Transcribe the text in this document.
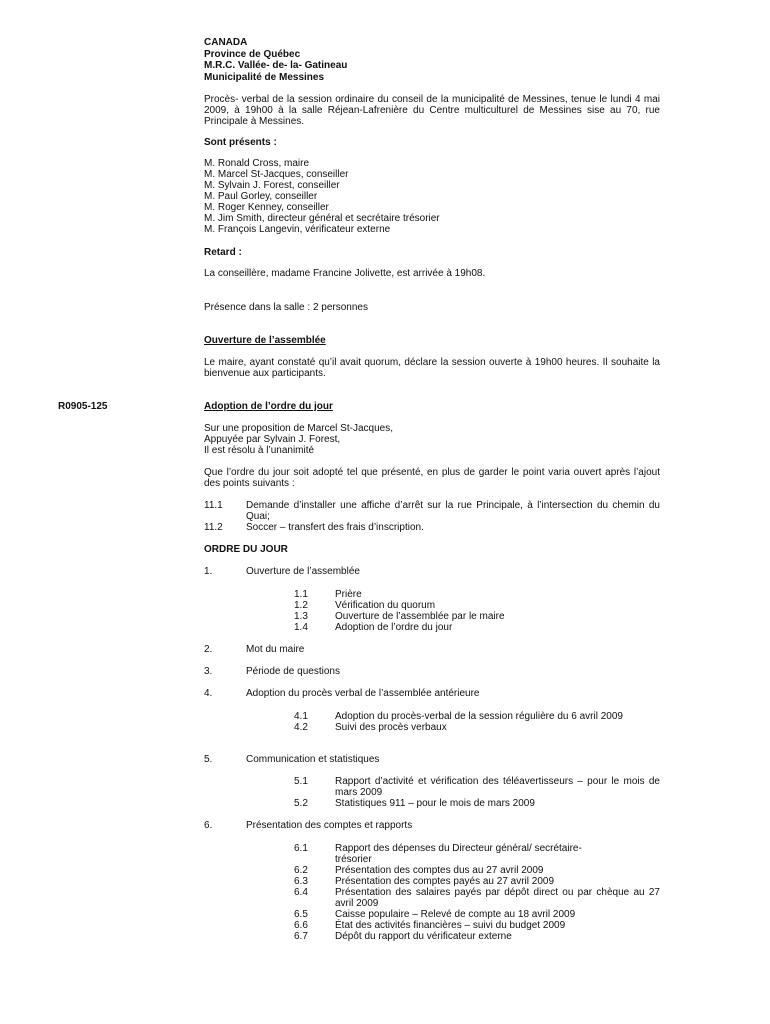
CANADA
Province de Québec
M.R.C. Vallée- de- la- Gatineau
Municipalité de Messines
Procès- verbal de la session ordinaire du conseil de la municipalité de Messines, tenue le lundi 4 mai 2009, à 19h00 à la salle Réjean-Lafrenière du Centre multiculturel de Messines sise au 70, rue Principale à Messines.
Sont présents :
M. Ronald Cross, maire
M. Marcel St-Jacques, conseiller
M. Sylvain J. Forest, conseiller
M. Paul Gorley, conseiller
M. Roger Kenney, conseiller
M. Jim Smith, directeur général et secrétaire trésorier
M. François Langevin, vérificateur externe
Retard :
La conseillère, madame Francine Jolivette, est arrivée à 19h08.
Présence dans la salle : 2 personnes
Ouverture de l’assemblée
Le maire, ayant constaté qu’il avait quorum, déclare la session ouverte à 19h00 heures. Il souhaite la bienvenue aux participants.
R0905-125	Adoption de l’ordre du jour
Sur une proposition de Marcel St-Jacques,
Appuyée par Sylvain J. Forest,
Il est résolu à l’unanimité
Que l’ordre du jour soit adopté tel que présenté, en plus de garder le point varia ouvert après l’ajout des points suivants :
11.1	Demande d’installer une affiche d’arrêt sur la rue Principale, à l’intersection du chemin du Quai;
11.2	Soccer – transfert des frais d’inscription.
ORDRE DU JOUR
1.	Ouverture de l’assemblée
1.1	Prière
1.2	Vérification du quorum
1.3	Ouverture de l’assemblée par le maire
1.4	Adoption de l’ordre du jour
2.	Mot du maire
3.	Période de questions
4.	Adoption du procès verbal de l’assemblée antérieure
4.1	Adoption du procès-verbal de la session régulière du 6 avril 2009
4.2	Suivi des procès verbaux
5.	Communication et statistiques
5.1	Rapport d’activité et vérification des téléavertisseurs – pour le mois de mars 2009
5.2	Statistiques 911 – pour le mois de mars 2009
6.	Présentation des comptes et rapports
6.1	Rapport des dépenses du Directeur général/ secrétaire-trésorier
6.2	Présentation des comptes dus au 27 avril 2009
6.3	Présentation des comptes payés au 27 avril 2009
6.4	Présentation des salaires payés par dépôt direct ou par chèque au 27 avril 2009
6.5	Caisse populaire – Relevé de compte au 18 avril 2009
6.6	État des activités financières – suivi du budget 2009
6.7	Dépôt du rapport du vérificateur externe
